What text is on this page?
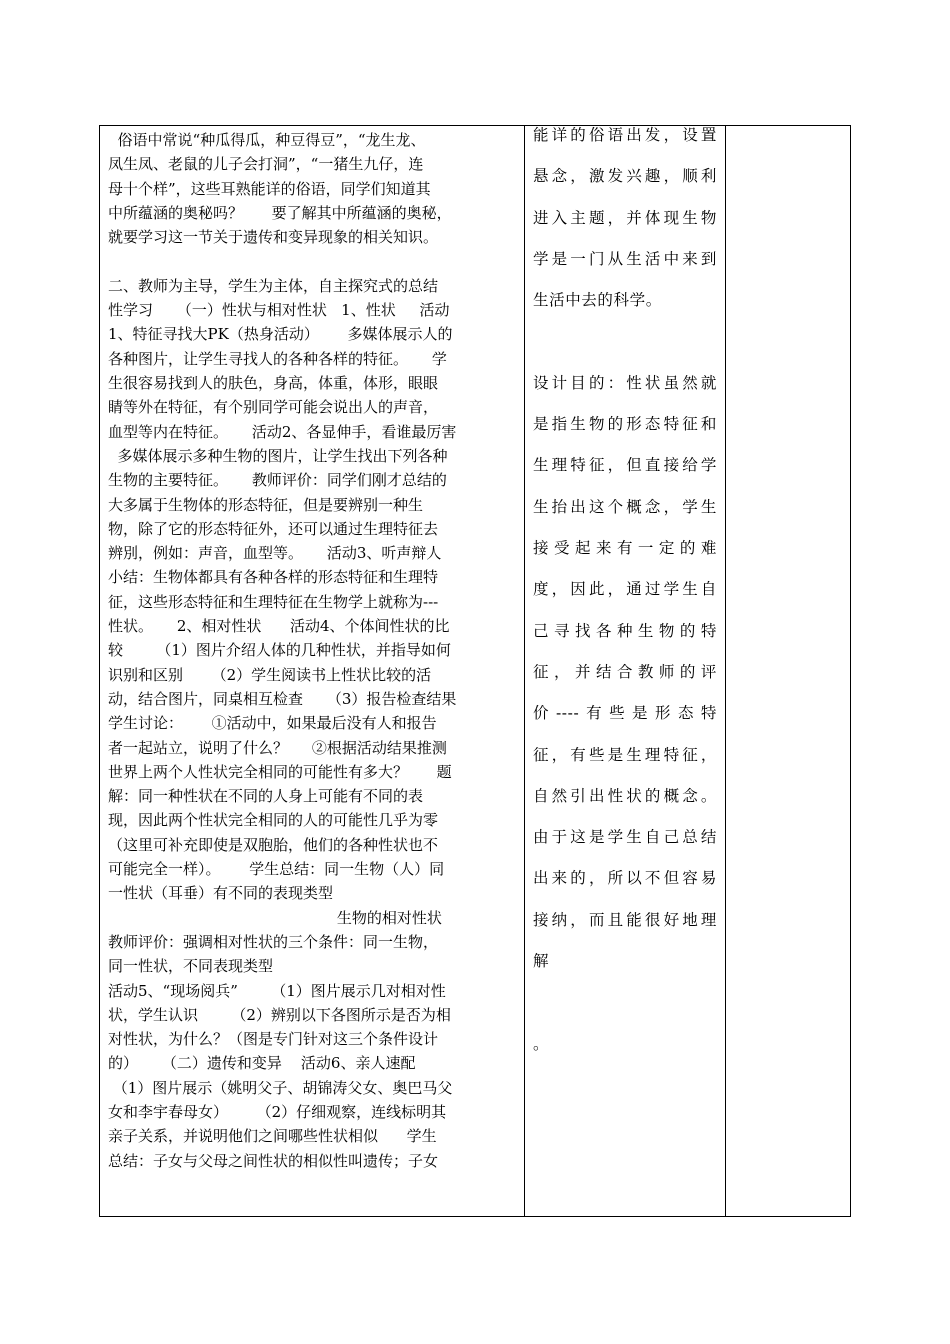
俗语中常说“种瓜得瓜，种豆得豆”，“龙生龙、
凤生凤、老鼠的儿子会打洞”，“一猪生九仔，连
母十个样”，这些耳熟能详的俗语，同学们知道其
中所蕴涵的奥秘吗？      要了解其中所蕴涵的奥秘，
就要学习这一节关于遗传和变异现象的相关知识。
二、教师为主导，学生为主体，自主探究式的总结
性学习     （一）性状与相对性状   1、性状     活动
1、特征寻找大PK（热身活动）      多媒体展示人的
各种图片，让学生寻找人的各种各样的特征。     学
生很容易找到人的肤色，身高，体重，体形，眼眼
睛等外在特征，有个别同学可能会说出人的声音，
血型等内在特征。     活动2、各显伸手，看谁最厉害
多媒体展示多种生物的图片，让学生找出下列各种
生物的主要特征。     教师评价：同学们刚才总结的
大多属于生物体的形态特征，但是要辨别一种生
物，除了它的形态特征外，还可以通过生理特征去
辨別，例如：声音，血型等。     活动3、听声辩人
小结：生物体都具有各种各样的形态特征和生理特
征，这些形态特征和生理特征在生物学上就称为---
性状。     2、相对性状      活动4、个体间性状的比
较       （1）图片介绍人体的几种性状，并指导如何
识别和区别      （2）学生阅读书上性状比较的活
动，结合图片，同桌相互检查     （3）报告检查结果
学生讨论：      ①活动中，如果最后没有人和报告
者一起站立，说明了什么？     ②根据活动结果推测
世界上两个人性状完全相同的可能性有多大？      题
解：同一种性状在不同的人身上可能有不同的表
现，因此两个性状完全相同的人的可能性几乎为零
（这里可补充即使是双胞胎，他们的各种性状也不
可能完全一样）。      学生总结：同一生物（人）同
一性状（耳垂）有不同的表现类型
生物的相对性状
教师评价：强调相对性状的三个条件：同一生物，
同一性状，不同表现类型
活动5、“现场阅兵”       （1）图片展示几对相对性
状，学生认识       （2）辨别以下各图所示是否为相
对性状，为什么？（图是专门针对这三个条件设计
的）     （二）遗传和变异    活动6、亲人速配
（1）图片展示（姚明父子、胡锦涛父女、奥巴马父
女和李宇春母女）      （2）仔细观察，连线标明其
亲子关系，并说明他们之间哪些性状相似      学生
总结：子女与父母之间性状的相似性叫遗传；子女
能详的俗语出发，设置
悬念，激发兴趣，顺利
进入主题，并体现生物
学是一门从生活中来到
生活中去的科学。
设计目的：性状虽然就
是指生物的形态特征和
生理特征，但直接给学
生抬出这个概念，学生
接受起来有一定的难
度，因此，通过学生自
己寻找各种生物的特
征，并结合教师的评
价----有些是形态特
征，有些是生理特征，
自然引出性状的概念。
由于这是学生自己总结
出来的，所以不但容易
接纳，而且能很好地理
解
。
